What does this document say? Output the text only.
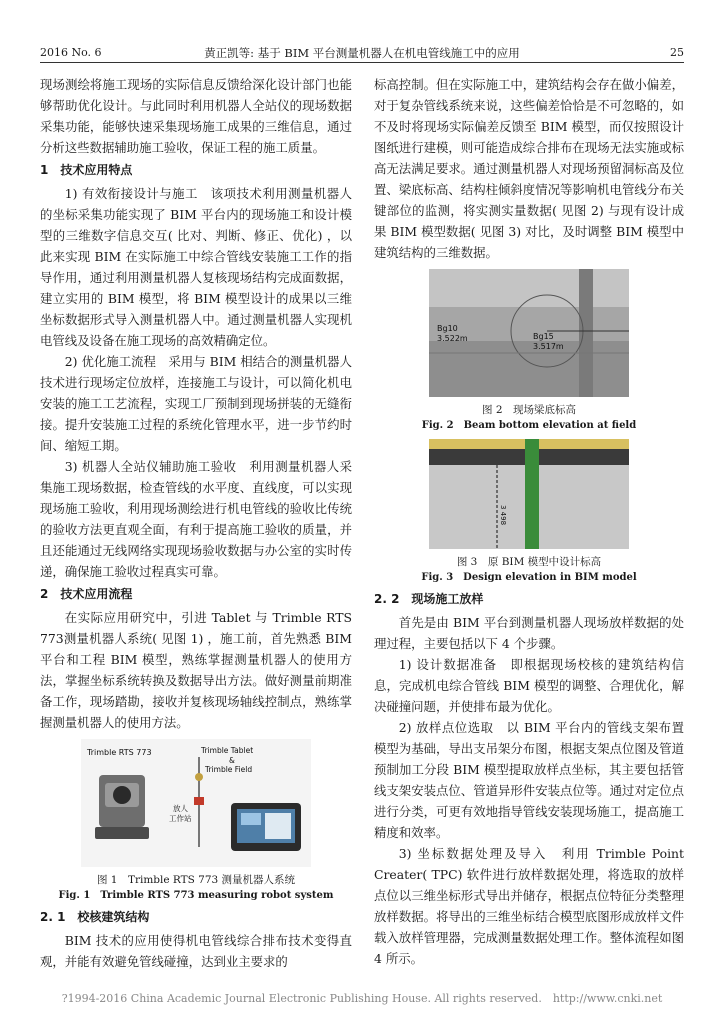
2016 No. 6	黄正凯等: 基于 BIM 平台测量机器人在机电管线施工中的应用	25

现场测绘将施工现场的实际信息反馈给深化设计部门也能够帮助优化设计。与此同时利用机器人全站仪的现场数据采集功能，能够快速采集现场施工成果的三维信息，通过分析这些数据辅助施工验收，保证工程的施工质量。

1　技术应用特点

1) 有效衔接设计与施工　该项技术利用测量机器人的坐标采集功能实现了 BIM 平台内的现场施工和设计模型的三维数字信息交互( 比对、判断、修正、优化) ，以此来实现 BIM 在实际施工中综合管线安装施工工作的指导作用，通过利用测量机器人复核现场结构完成面数据，建立实用的 BIM 模型，将 BIM 模型设计的成果以三维坐标数据形式导入测量机器人中。通过测量机器人实现机电管线及设备在施工现场的高效精确定位。

2) 优化施工流程　采用与 BIM 相结合的测量机器人技术进行现场定位放样，连接施工与设计，可以简化机电安装的施工工艺流程，实现工厂预制到现场拼装的无缝衔接。提升安装施工过程的系统化管理水平，进一步节约时间、缩短工期。

3) 机器人全站仪辅助施工验收　利用测量机器人采集施工现场数据，检查管线的水平度、直线度，可以实现现场施工验收，利用现场测绘进行机电管线的验收比传统的验收方法更直观全面，有利于提高施工验收的质量，并且还能通过无线网络实现现场验收数据与办公室的实时传递，确保施工验收过程真实可靠。

2　技术应用流程

在实际应用研究中，引进 Tablet 与 Trimble RTS 773测量机器人系统( 见图 1) ，施工前，首先熟悉 BIM 平台和工程 BIM 模型，熟练掌握测量机器人的使用方法，掌握坐标系统转换及数据导出方法。做好测量前期准备工作，现场踏勘，接收并复核现场轴线控制点，熟练掌握测量机器人的使用方法。

Trimble RTS 773	Trimble Tablet
&
Trimble Field
放人
工作站
图 1　Trimble RTS 773 测量机器人系统
Fig. 1　Trimble RTS 773 measuring robot system

2. 1　校核建筑结构

BIM 技术的应用使得机电管线综合排布技术变得直观，并能有效避免管线碰撞，达到业主要求的

标高控制。但在实际施工中，建筑结构会存在做小偏差，对于复杂管线系统来说，这些偏差恰恰是不可忽略的，如不及时将现场实际偏差反馈至 BIM 模型，而仅按照设计图纸进行建模，则可能造成综合排布在现场无法实施或标高无法满足要求。通过测量机器人对现场预留洞标高及位置、梁底标高、结构柱倾斜度情况等影响机电管线分布关键部位的监测，将实测实量数据( 见图 2) 与现有设计成果 BIM 模型数据( 见图 3) 对比，及时调整 BIM 模型中建筑结构的三维数据。

Bg10
3.522m	Bg15
3.517m
图 2　现场梁底标高
Fig. 2　Beam bottom elevation at field
3 498
图 3　原 BIM 模型中设计标高
Fig. 3　Design elevation in BIM model

2. 2　现场施工放样

首先是由 BIM 平台到测量机器人现场放样数据的处理过程，主要包括以下 4 个步骤。

1) 设计数据准备　即根据现场校核的建筑结构信息，完成机电综合管线 BIM 模型的调整、合理优化，解决碰撞问题，并使排布最为优化。

2) 放样点位选取　以 BIM 平台内的管线支架布置模型为基础，导出支吊架分布图，根据支架点位图及管道预制加工分段 BIM 模型提取放样点坐标，其主要包括管线支架安装点位、管道异形件安装点位等。通过对定位点进行分类，可更有效地指导管线安装现场施工，提高施工精度和效率。

3) 坐标数据处理及导入　利用 Trimble Point Creater( TPC) 软件进行放样数据处理，将选取的放样点位以三维坐标形式导出并储存，根据点位特征分类整理放样数据。将导出的三维坐标结合模型底图形成放样文件载入放样管理器，完成测量数据处理工作。整体流程如图 4 所示。

?1994-2016 China Academic Journal Electronic Publishing House. All rights reserved.　http://www.cnki.net
